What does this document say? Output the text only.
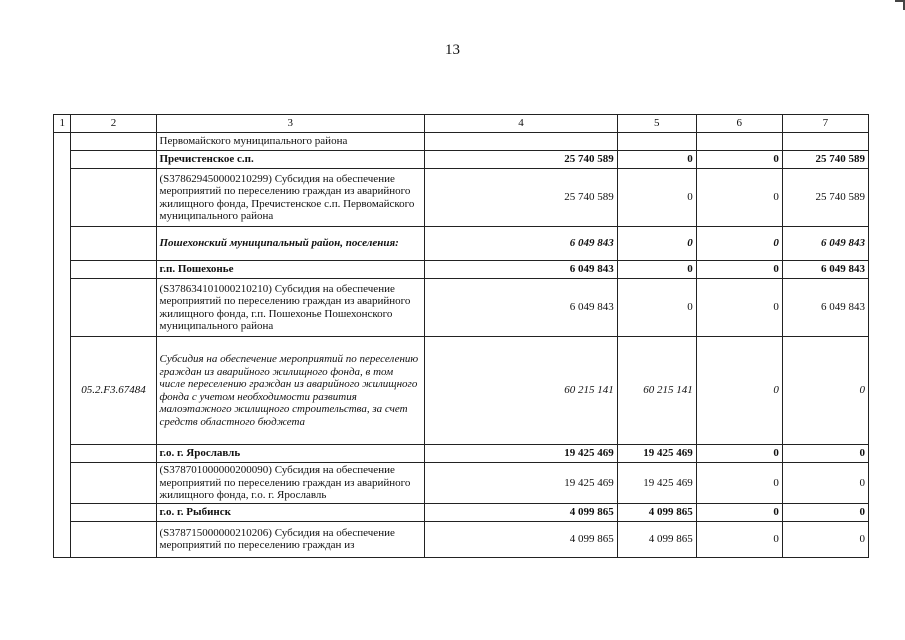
13
1	2	3	4	5	6	7
		Первомайского муниципального района				
		Пречистенское с.п.	25 740 589	0	0	25 740 589
		(S378629450000210299) Субсидия на обеспечение мероприятий по переселению граждан из аварийного жилищного фонда, Пречистенское с.п. Первомайского муниципального района	25 740 589	0	0	25 740 589
		Пошехонский муниципальный район, поселения:	6 049 843	0	0	6 049 843
		г.п. Пошехонье	6 049 843	0	0	6 049 843
		(S378634101000210210) Субсидия на обеспечение мероприятий по переселению граждан из аварийного жилищного фонда, г.п. Пошехонье Пошехонского муниципального района	6 049 843	0	0	6 049 843
	05.2.F3.67484	Субсидия на обеспечение мероприятий по переселению граждан из аварийного жилищного фонда, в том числе переселению граждан из аварийного жилищного фонда с учетом необходимости развития малоэтажного жилищного строительства, за счет средств областного бюджета	60 215 141	60 215 141	0	0
		г.о. г. Ярославль	19 425 469	19 425 469	0	0
		(S378701000000200090) Субсидия на обеспечение мероприятий по переселению граждан из аварийного жилищного фонда, г.о. г. Ярославль	19 425 469	19 425 469	0	0
		г.о. г. Рыбинск	4 099 865	4 099 865	0	0
		(S378715000000210206) Субсидия на обеспечение мероприятий по переселению граждан из	4 099 865	4 099 865	0	0
